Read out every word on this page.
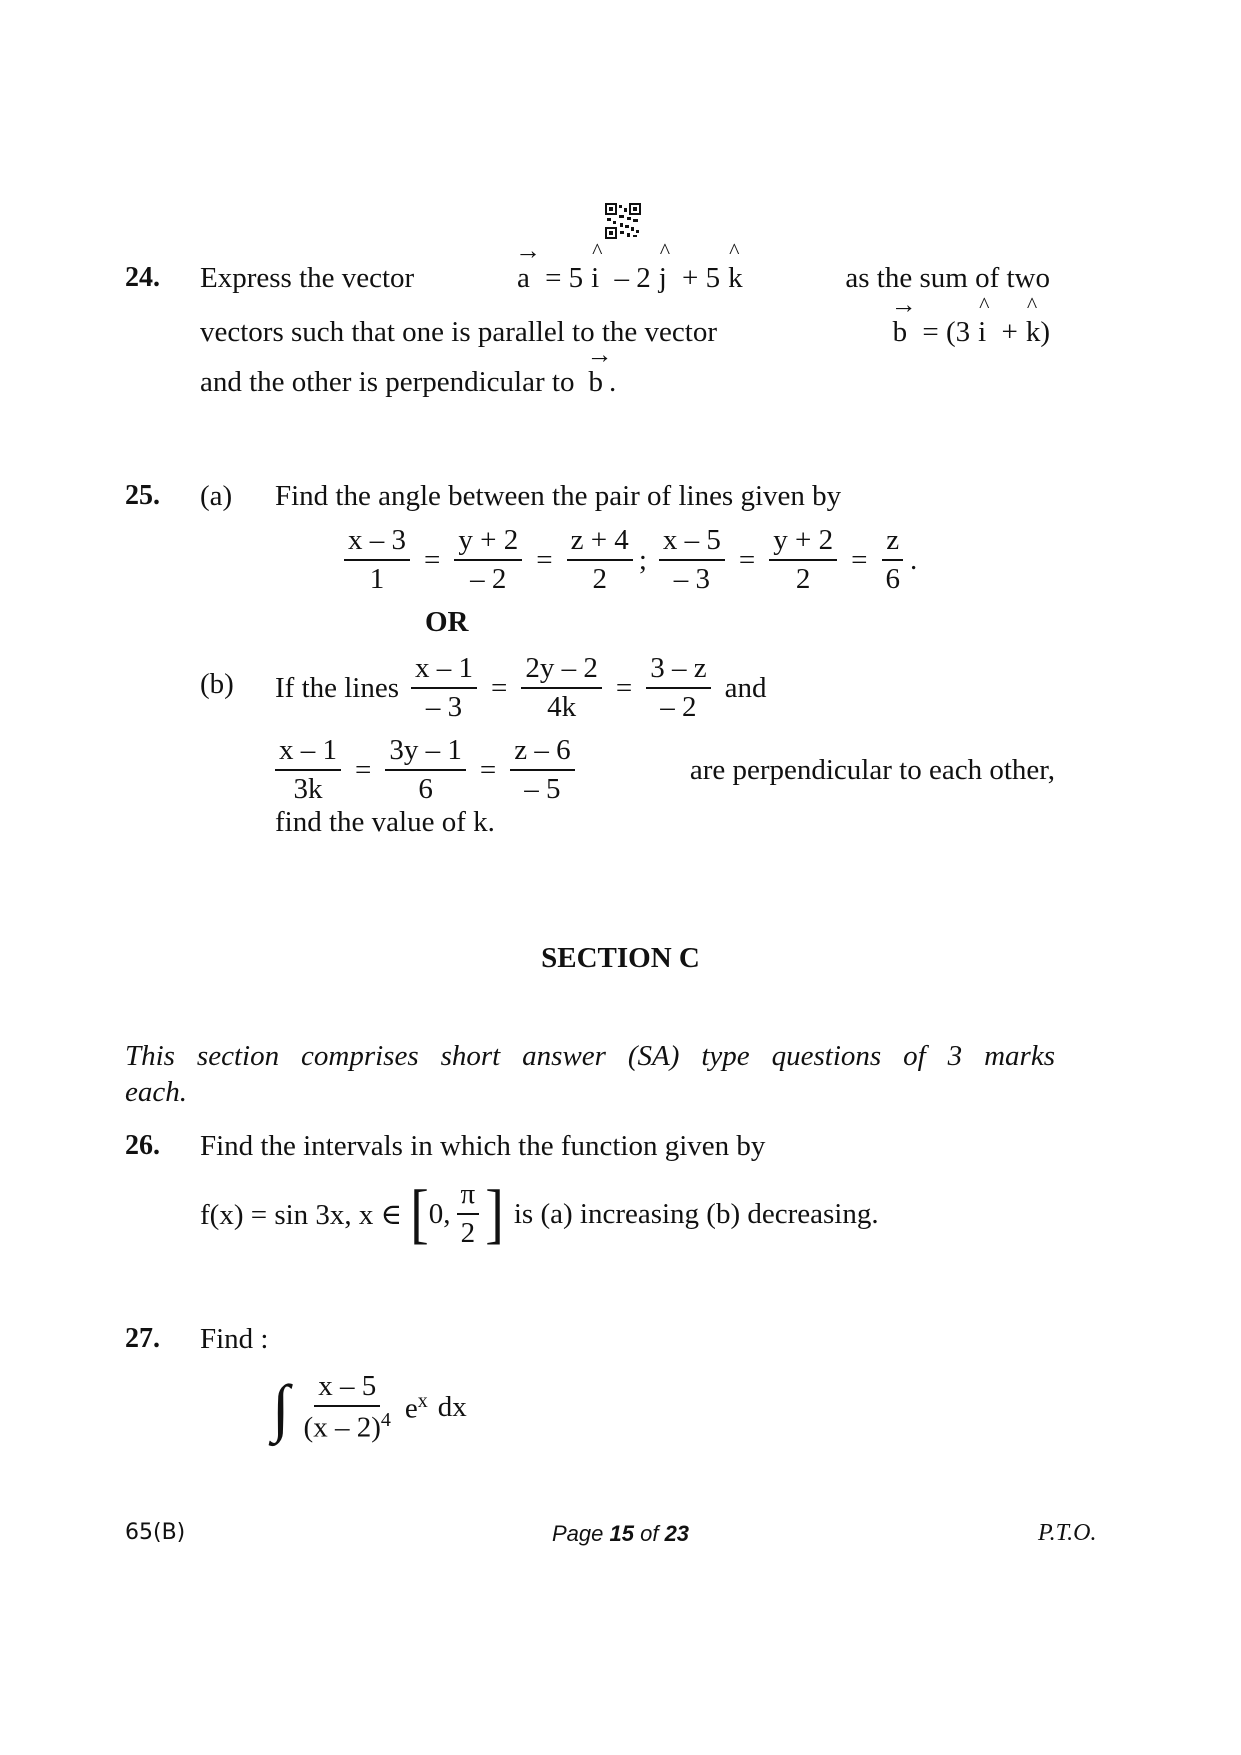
24. Express the vector
→
a = 5
^
i – 2
^
j + 5
^
k	as the sum of two
vectors such that one is parallel to the vector
→
b = (3
^
i +
^
k)
and the other is perpendicular to
→
b .
25. (a) Find the angle between the pair of lines given by
$\frac{x - 3}{1} = \frac{y + 2}{- 2} = \frac{z + 4}{2}$ ; $\frac{x - 5}{- 3} = \frac{y + 2}{2} = \frac{z}{6}$ .
OR
(b) If the lines $\frac{x - 1}{- 3} = \frac{2y - 2}{4k} = \frac{3 - z}{- 2}$ and
$\frac{x - 1}{3k} = \frac{3y - 1}{6} = \frac{z - 6}{- 5}$	are perpendicular to each other,
find the value of k.
SECTION C
This section comprises short answer (SA) type questions of 3 marks
each.
26. Find the intervals in which the function given by
f(x) = sin 3x, x ∈ [ 0, $\frac{\pi}{2}$ ] is (a) increasing (b) decreasing.
27. Find :
∫ $\frac{x - 5}{(x - 2)^4} e^x$ dx
65(B)	Page 15 of 23	P.T.O.
